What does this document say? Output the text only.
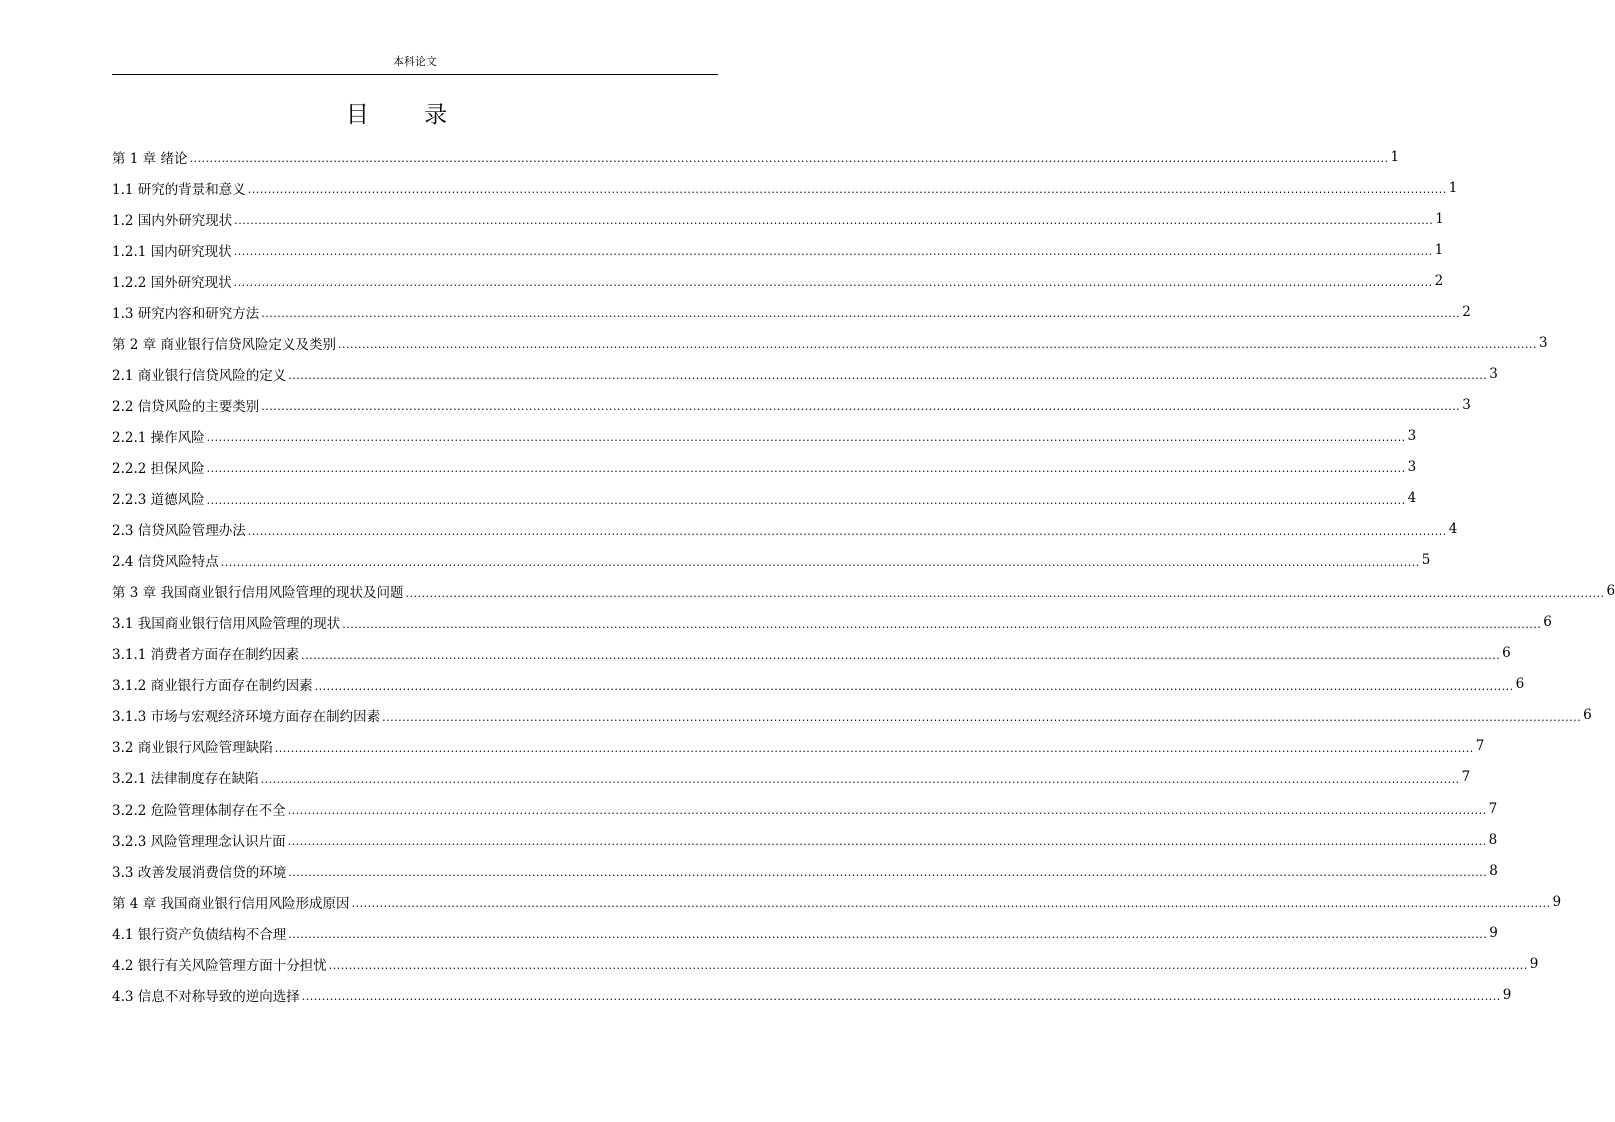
本科论文
目 录
第 1 章 绪论 ............................................................................................................................................................................................................................................................................................................ 1
1.1 研究的背景和意义 ............................................................................................................................................................................................................................................................................................................ 1
1.2 国内外研究现状 ............................................................................................................................................................................................................................................................................................................ 1
1.2.1 国内研究现状 ............................................................................................................................................................................................................................................................................................................ 1
1.2.2 国外研究现状 ............................................................................................................................................................................................................................................................................................................ 2
1.3 研究内容和研究方法 ............................................................................................................................................................................................................................................................................................................ 2
第 2 章 商业银行信贷风险定义及类别 ............................................................................................................................................................................................................................................................................................................ 3
2.1 商业银行信贷风险的定义 ............................................................................................................................................................................................................................................................................................................ 3
2.2 信贷风险的主要类别 ............................................................................................................................................................................................................................................................................................................ 3
2.2.1 操作风险 ............................................................................................................................................................................................................................................................................................................ 3
2.2.2 担保风险 ............................................................................................................................................................................................................................................................................................................ 3
2.2.3 道德风险 ............................................................................................................................................................................................................................................................................................................ 4
2.3 信贷风险管理办法 ............................................................................................................................................................................................................................................................................................................ 4
2.4 信贷风险特点 ............................................................................................................................................................................................................................................................................................................ 5
第 3 章 我国商业银行信用风险管理的现状及问题 ............................................................................................................................................................................................................................................................................................................ 6
3.1 我国商业银行信用风险管理的现状 ............................................................................................................................................................................................................................................................................................................ 6
3.1.1 消费者方面存在制约因素 ............................................................................................................................................................................................................................................................................................................ 6
3.1.2 商业银行方面存在制约因素 ............................................................................................................................................................................................................................................................................................................ 6
3.1.3 市场与宏观经济环境方面存在制约因素 ............................................................................................................................................................................................................................................................................................................ 6
3.2 商业银行风险管理缺陷 ............................................................................................................................................................................................................................................................................................................ 7
3.2.1 法律制度存在缺陷 ............................................................................................................................................................................................................................................................................................................ 7
3.2.2 危险管理体制存在不全 ............................................................................................................................................................................................................................................................................................................ 7
3.2.3 风险管理理念认识片面 ............................................................................................................................................................................................................................................................................................................ 8
3.3 改善发展消费信贷的环境 ............................................................................................................................................................................................................................................................................................................ 8
第 4 章 我国商业银行信用风险形成原因 ............................................................................................................................................................................................................................................................................................................ 9
4.1 银行资产负债结构不合理 ............................................................................................................................................................................................................................................................................................................ 9
4.2 银行有关风险管理方面十分担忧 ............................................................................................................................................................................................................................................................................................................ 9
4.3 信息不对称导致的逆向选择 ............................................................................................................................................................................................................................................................................................................ 9
